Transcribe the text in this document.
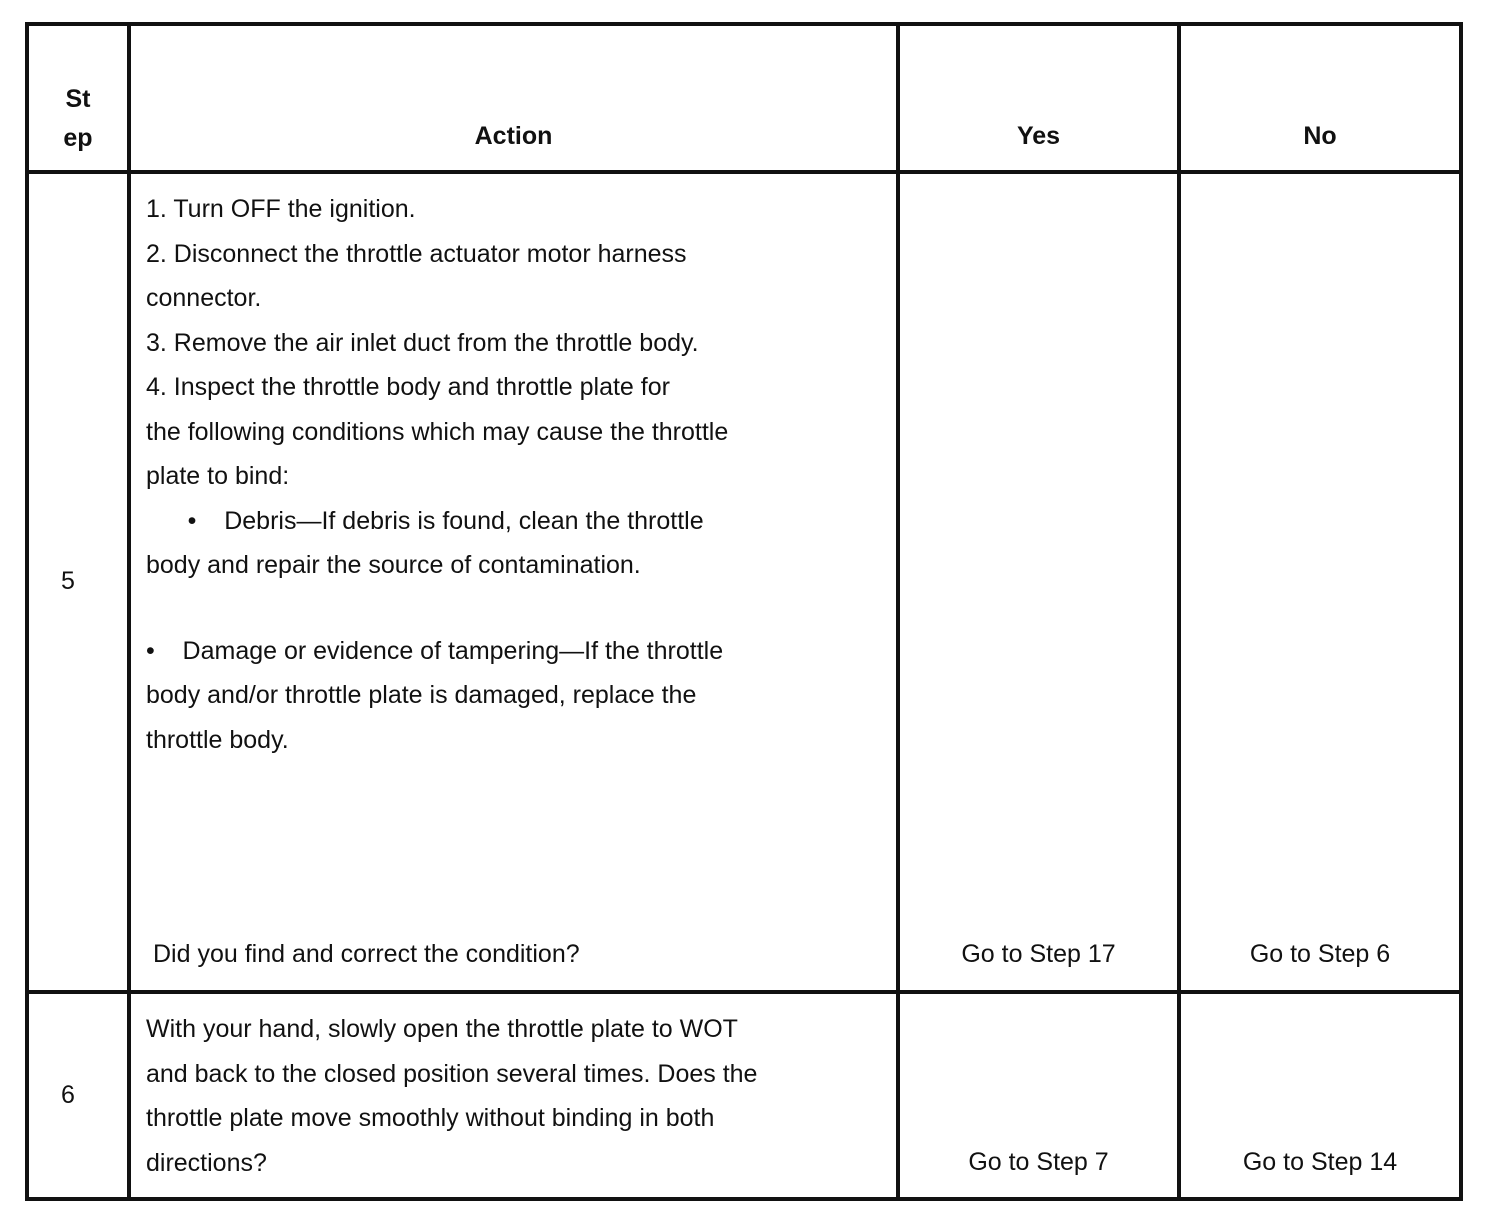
St
ep	Action	Yes	No
5
1. Turn OFF the ignition.
2. Disconnect the throttle actuator motor harness
connector.
3. Remove the air inlet duct from the throttle body.
4. Inspect the throttle body and throttle plate for
the following conditions which may cause the throttle
plate to bind:
•    Debris—If debris is found, clean the throttle
body and repair the source of contamination.
•    Damage or evidence of tampering—If the throttle
body and/or throttle plate is damaged, replace the
throttle body.
Did you find and correct the condition?	Go to Step 17	Go to Step 6
6
With your hand, slowly open the throttle plate to WOT
and back to the closed position several times. Does the
throttle plate move smoothly without binding in both
directions?	Go to Step 7	Go to Step 14
